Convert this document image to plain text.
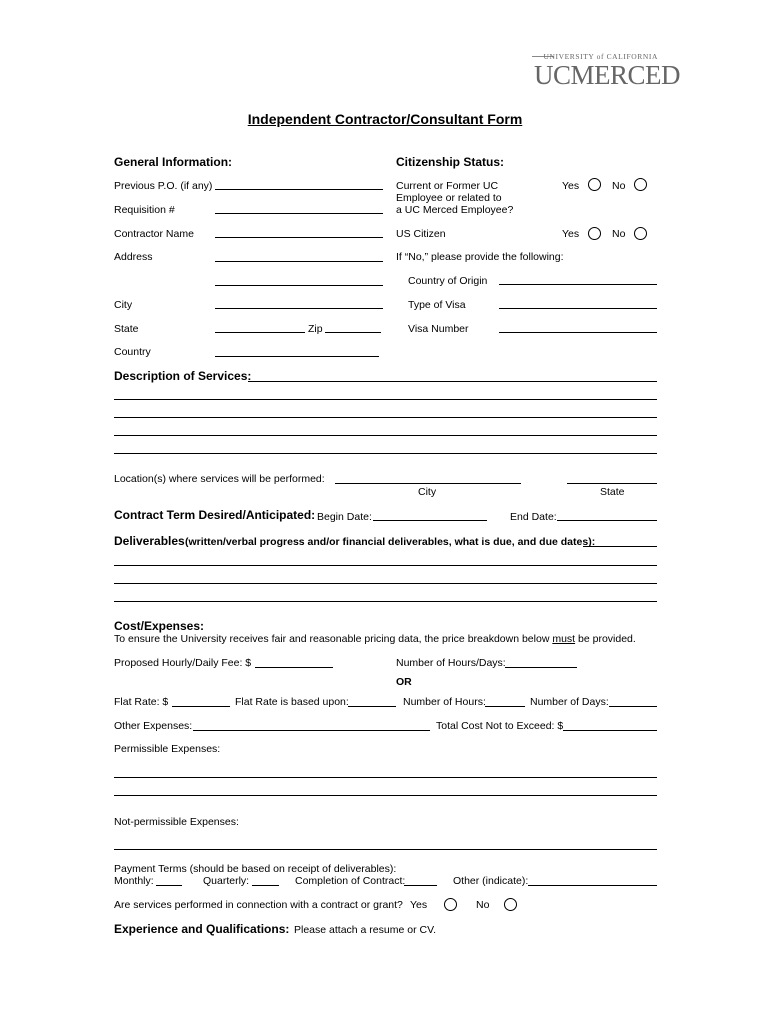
UNIVERSITY of CALIFORNIA
UCMERCED
Independent Contractor/Consultant Form
General Information:
Previous P.O. (if any)
Requisition #
Contractor Name
Address
City
State	Zip
Country
Citizenship Status:
Current or Former UC
Employee or related to
a UC Merced Employee?
Yes	No
US Citizen	Yes	No
If “No,” please provide the following:
Country of Origin
Type of Visa
Visa Number
Description of Services:
Location(s) where services will be performed:
City	State
Contract Term Desired/Anticipated: Begin Date:	End Date:
Deliverables (written/verbal progress and/or financial deliverables, what is due, and due dates):
Cost/Expenses:
To ensure the University receives fair and reasonable pricing data, the price breakdown below must be provided.
Proposed Hourly/Daily Fee: $	Number of Hours/Days:
OR
Flat Rate: $	Flat Rate is based upon:	Number of Hours:	Number of Days:
Other Expenses:	Total Cost Not to Exceed: $
Permissible Expenses:
Not-permissible Expenses:
Payment Terms (should be based on receipt of deliverables):
Monthly:	Quarterly:	Completion of Contract:	Other (indicate):
Are services performed in connection with a contract or grant? Yes	No
Experience and Qualifications: Please attach a resume or CV.
